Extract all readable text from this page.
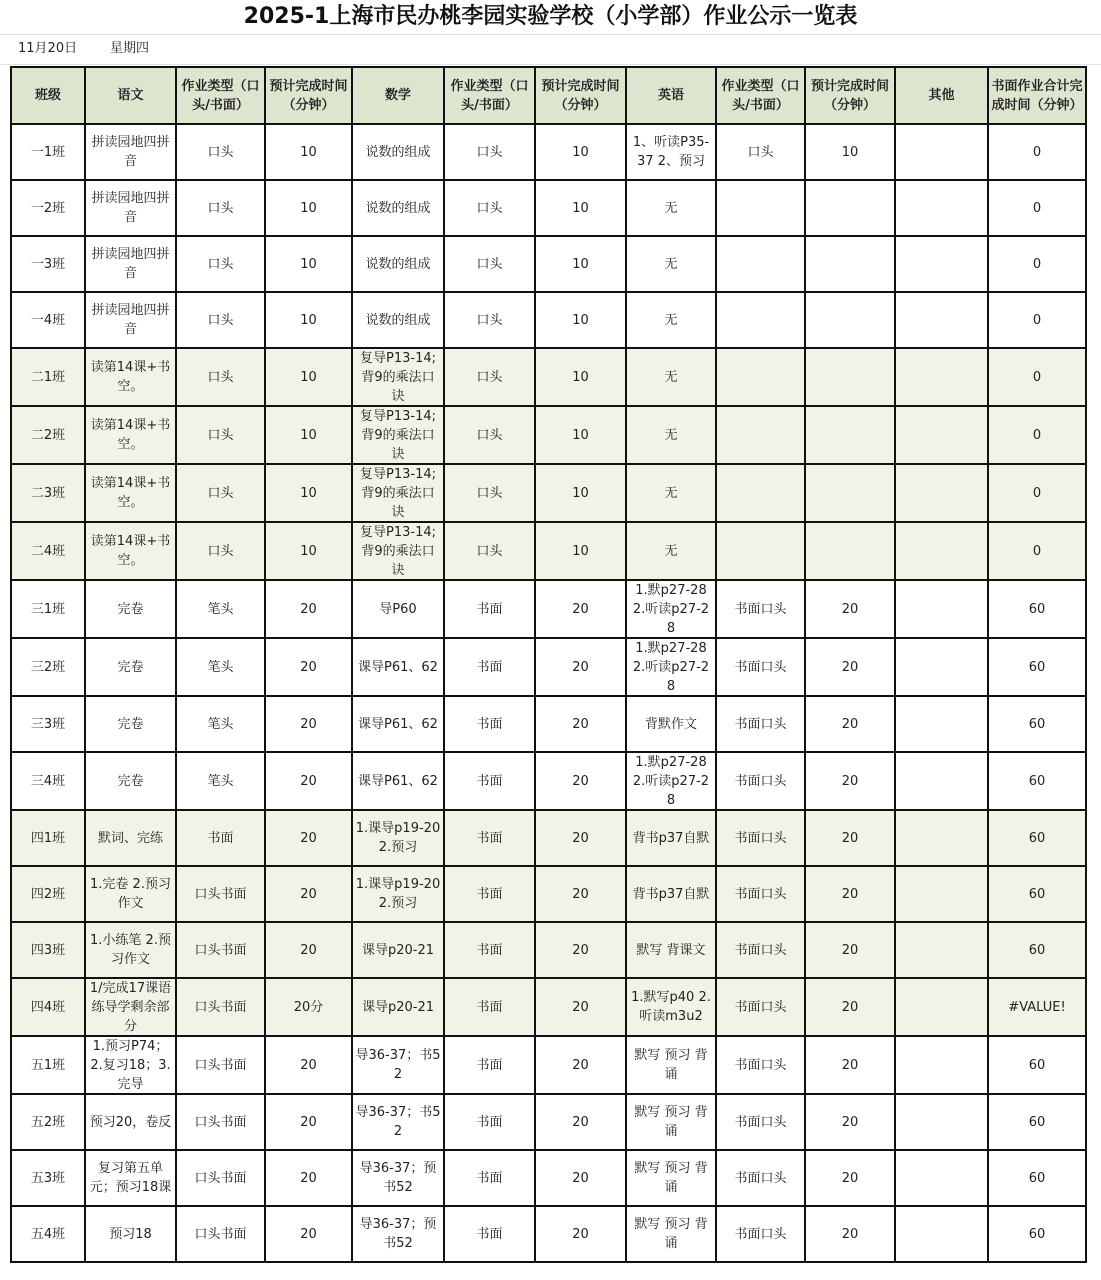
2025-1上海市民办桃李园实验学校（小学部）作业公示一览表
11月20日	星期四
班级	语文	作业类型（口头/书面）	预计完成时间（分钟）	数学	作业类型（口头/书面）	预计完成时间（分钟）	英语	作业类型（口头/书面）	预计完成时间（分钟）	其他	书面作业合计完成时间（分钟）

一1班	拼读园地四拼音	口头	10	说数的组成	口头	10	1、听读P35-37 2、预习	口头	10		0

一2班	拼读园地四拼音	口头	10	说数的组成	口头	10	无				0

一3班	拼读园地四拼音	口头	10	说数的组成	口头	10	无				0

一4班	拼读园地四拼音	口头	10	说数的组成	口头	10	无				0

二1班	读第14课+书空。	口头	10	复导P13-14;背9的乘法口诀	口头	10	无				0

二2班	读第14课+书空。	口头	10	复导P13-14;背9的乘法口诀	口头	10	无				0

二3班	读第14课+书空。	口头	10	复导P13-14;背9的乘法口诀	口头	10	无				0

二4班	读第14课+书空。	口头	10	复导P13-14;背9的乘法口诀	口头	10	无				0

三1班	完卷	笔头	20	导P60	书面	20	1.默p27-28 2.听读p27-28	书面口头	20		60

三2班	完卷	笔头	20	课导P61、62	书面	20	1.默p27-28 2.听读p27-28	书面口头	20		60

三3班	完卷	笔头	20	课导P61、62	书面	20	背默作文	书面口头	20		60

三4班	完卷	笔头	20	课导P61、62	书面	20	1.默p27-28 2.听读p27-28	书面口头	20		60

四1班	默词、完练	书面	20	1.课导p19-20 2.预习	书面	20	背书p37自默	书面口头	20		60

四2班	1.完卷 2.预习作文	口头书面	20	1.课导p19-20 2.预习	书面	20	背书p37自默	书面口头	20		60

四3班	1.小练笔 2.预习作文	口头书面	20	课导p20-21	书面	20	默写 背课文	书面口头	20		60

四4班	1/完成17课语练导学剩余部分	口头书面	20分	课导p20-21	书面	20	1.默写p40 2.听读m3u2	书面口头	20		#VALUE!

五1班	1.预习P74；2.复习18；3.完导	口头书面	20	导36-37；书52	书面	20	默写 预习 背诵	书面口头	20		60

五2班	预习20，卷反	口头书面	20	导36-37；书52	书面	20	默写 预习 背诵	书面口头	20		60

五3班	复习第五单元；预习18课	口头书面	20	导36-37；预书52	书面	20	默写 预习 背诵	书面口头	20		60

五4班	预习18	口头书面	20	导36-37；预书52	书面	20	默写 预习 背诵	书面口头	20		60
